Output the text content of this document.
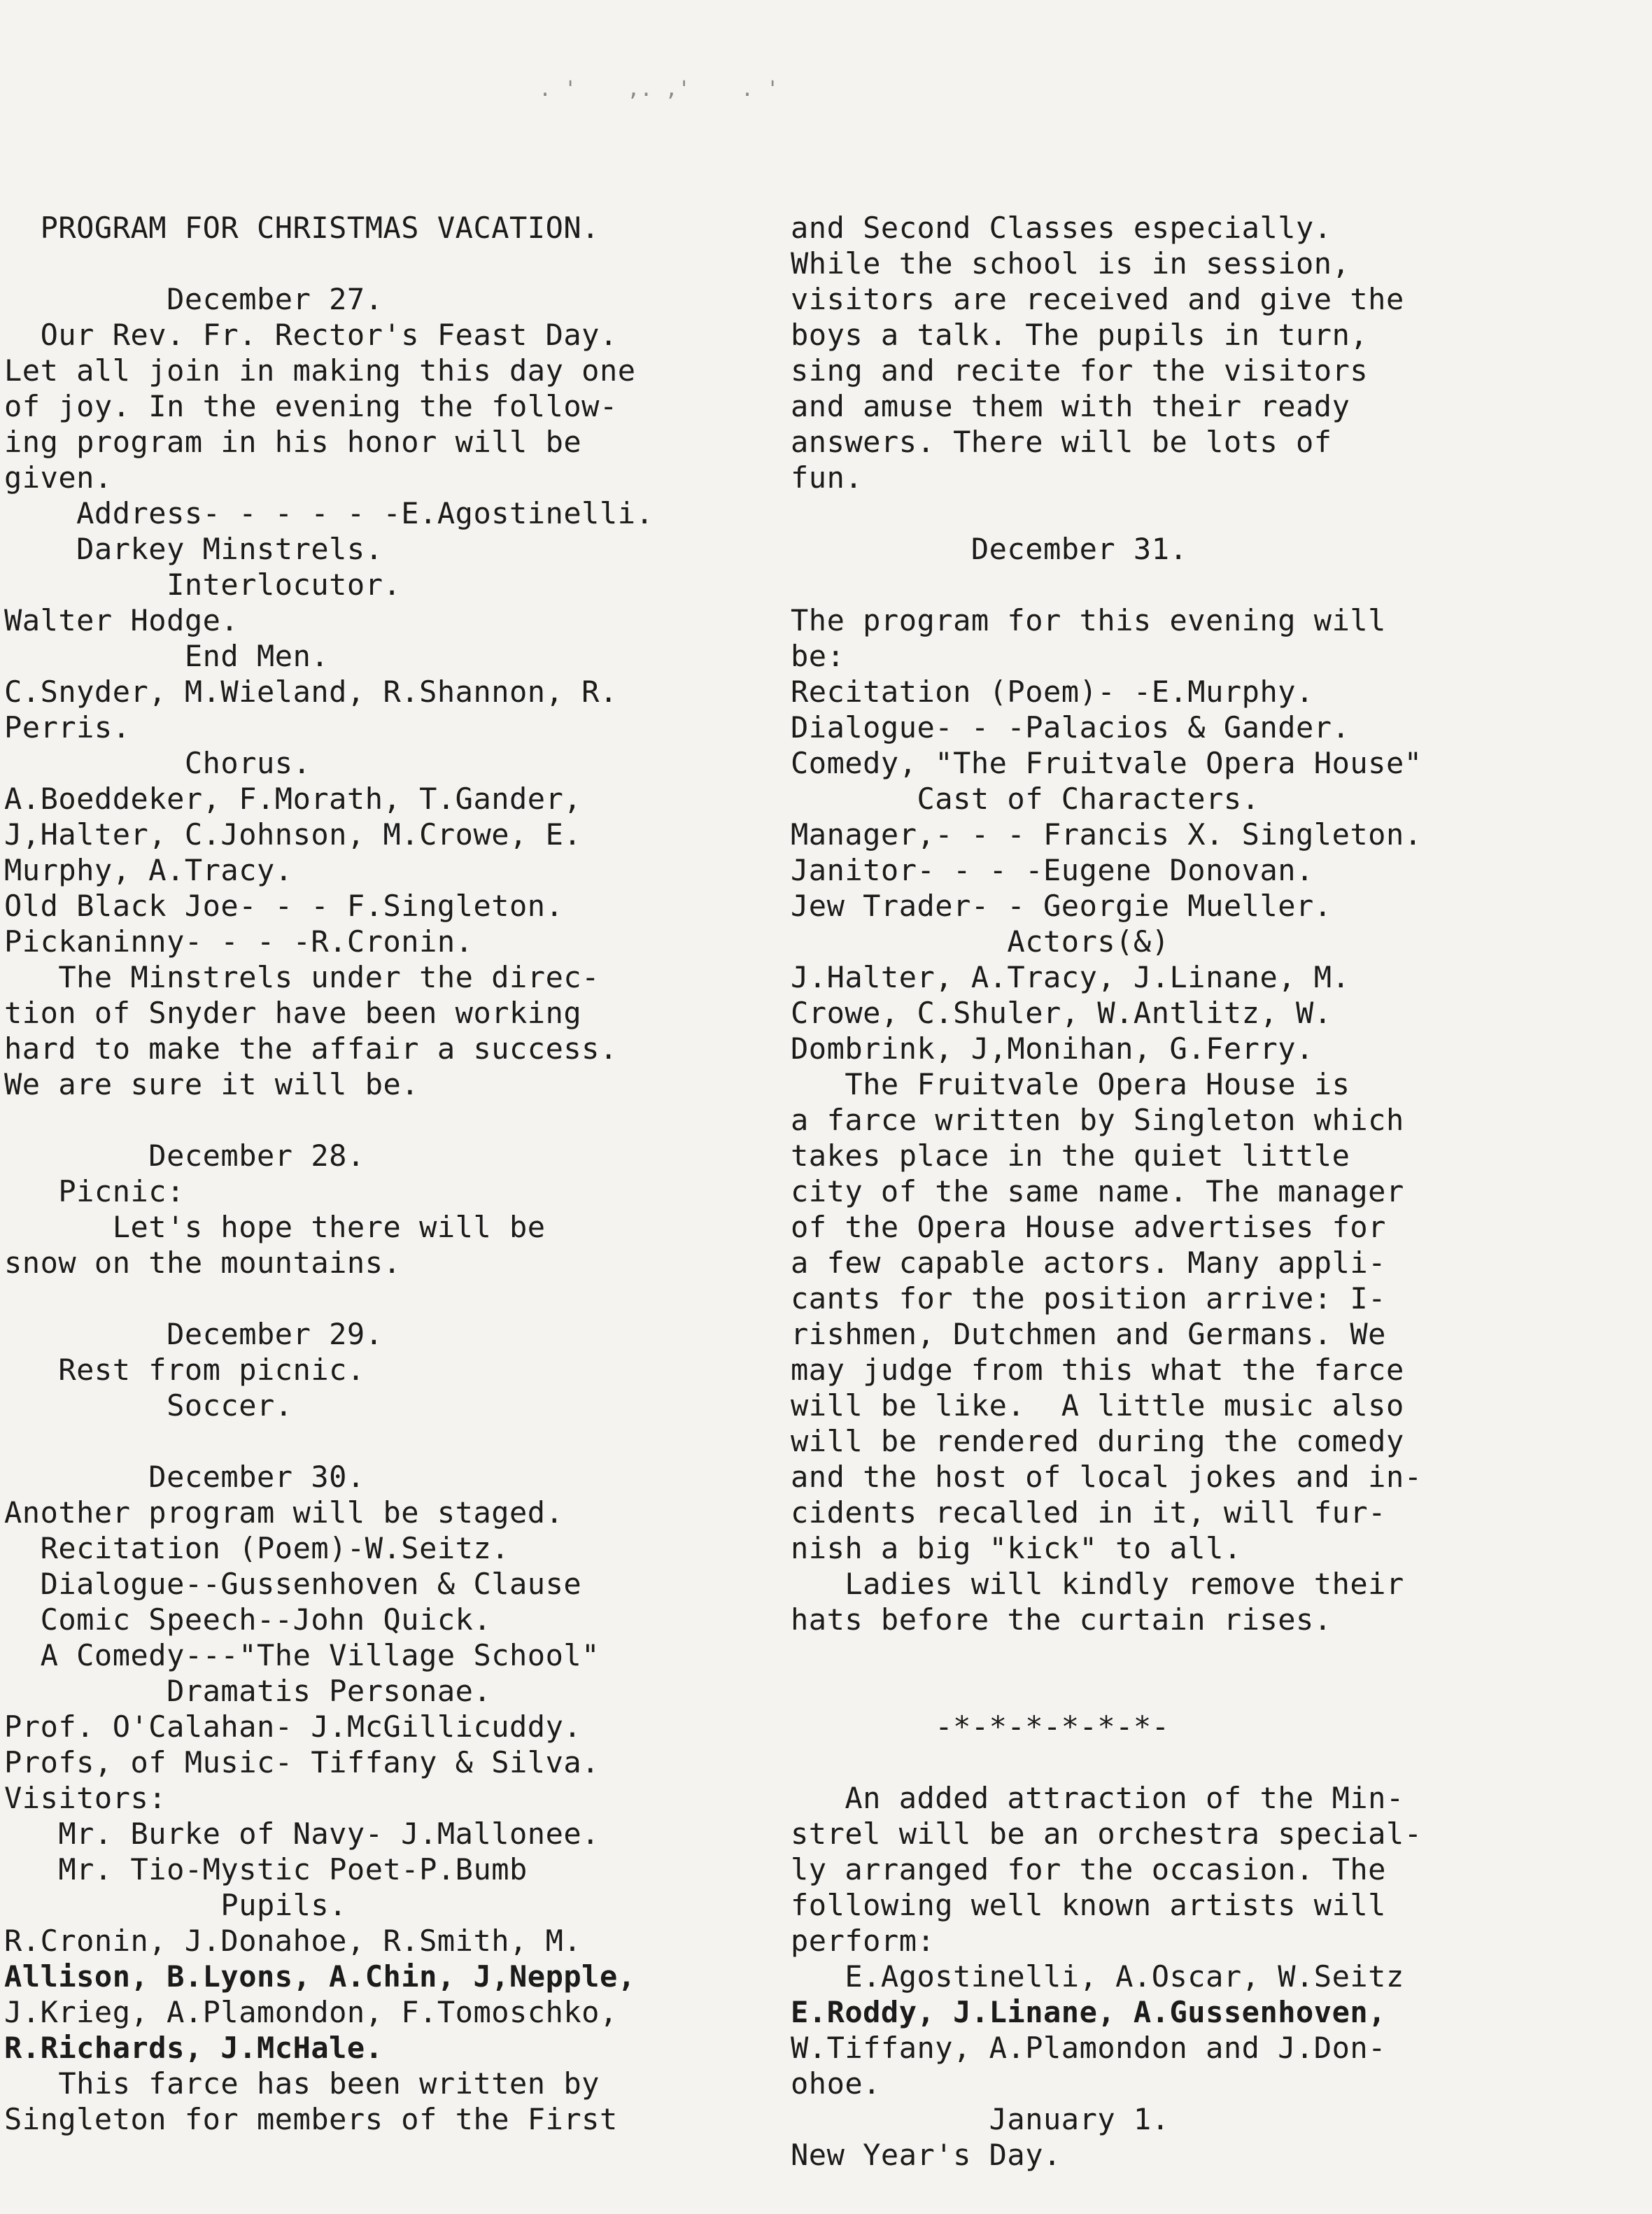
. '    ,. ,'    . '
PROGRAM FOR CHRISTMAS VACATION.
December 27.
Our Rev. Fr. Rector's Feast Day.
Let all join in making this day one
of joy. In the evening the follow-
ing program in his honor will be
given.
Address- - - - - -E.Agostinelli.
Darkey Minstrels.
Interlocutor.
Walter Hodge.
End Men.
C.Snyder, M.Wieland, R.Shannon, R.
Perris.
Chorus.
A.Boeddeker, F.Morath, T.Gander,
J,Halter, C.Johnson, M.Crowe, E.
Murphy, A.Tracy.
Old Black Joe- - - F.Singleton.
Pickaninny- - - -R.Cronin.
The Minstrels under the direc-
tion of Snyder have been working
hard to make the affair a success.
We are sure it will be.
December 28.
Picnic:
Let's hope there will be
snow on the mountains.
December 29.
Rest from picnic.
Soccer.
December 30.
Another program will be staged.
Recitation (Poem)-W.Seitz.
Dialogue--Gussenhoven & Clause
Comic Speech--John Quick.
A Comedy---"The Village School"
Dramatis Personae.
Prof. O'Calahan- J.McGillicuddy.
Profs, of Music- Tiffany & Silva.
Visitors:
Mr. Burke of Navy- J.Mallonee.
Mr. Tio-Mystic Poet-P.Bumb
Pupils.
R.Cronin, J.Donahoe, R.Smith, M.
Allison, B.Lyons, A.Chin, J,Nepple,
J.Krieg, A.Plamondon, F.Tomoschko,
R.Richards, J.McHale.
This farce has been written by
Singleton for members of the First
and Second Classes especially.
While the school is in session,
visitors are received and give the
boys a talk. The pupils in turn,
sing and recite for the visitors
and amuse them with their ready
answers. There will be lots of
fun.
December 31.
The program for this evening will
be:
Recitation (Poem)- -E.Murphy.
Dialogue- - -Palacios & Gander.
Comedy, "The Fruitvale Opera House"
Cast of Characters.
Manager,- - - Francis X. Singleton.
Janitor- - - -Eugene Donovan.
Jew Trader- - Georgie Mueller.
Actors(&)
J.Halter, A.Tracy, J.Linane, M.
Crowe, C.Shuler, W.Antlitz, W.
Dombrink, J,Monihan, G.Ferry.
The Fruitvale Opera House is
a farce written by Singleton which
takes place in the quiet little
city of the same name. The manager
of the Opera House advertises for
a few capable actors. Many appli-
cants for the position arrive: I-
rishmen, Dutchmen and Germans. We
may judge from this what the farce
will be like.  A little music also
will be rendered during the comedy
and the host of local jokes and in-
cidents recalled in it, will fur-
nish a big "kick" to all.
Ladies will kindly remove their
hats before the curtain rises.
-*-*-*-*-*-*-
An added attraction of the Min-
strel will be an orchestra special-
ly arranged for the occasion. The
following well known artists will
perform:
E.Agostinelli, A.Oscar, W.Seitz
E.Roddy, J.Linane, A.Gussenhoven,
W.Tiffany, A.Plamondon and J.Don-
ohoe.
January 1.
New Year's Day.
